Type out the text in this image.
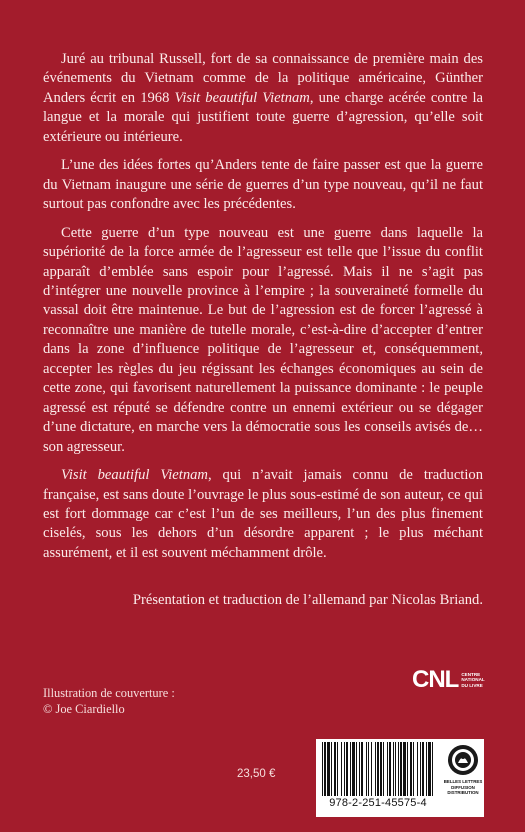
Juré au tribunal Russell, fort de sa connaissance de première main des événements du Vietnam comme de la politique américaine, Günther Anders écrit en 1968 Visit beautiful Vietnam, une charge acérée contre la langue et la morale qui justifient toute guerre d’agression, qu’elle soit extérieure ou intérieure.

L’une des idées fortes qu’Anders tente de faire passer est que la guerre du Vietnam inaugure une série de guerres d’un type nouveau, qu’il ne faut surtout pas confondre avec les précédentes.

Cette guerre d’un type nouveau est une guerre dans laquelle la supériorité de la force armée de l’agresseur est telle que l’issue du conflit apparaît d’emblée sans espoir pour l’agressé. Mais il ne s’agit pas d’intégrer une nouvelle province à l’empire ; la souveraineté formelle du vassal doit être maintenue. Le but de l’agression est de forcer l’agressé à reconnaître une manière de tutelle morale, c’est-à-dire d’accepter d’entrer dans la zone d’influence politique de l’agresseur et, conséquemment, accepter les règles du jeu régissant les échanges économiques au sein de cette zone, qui favorisent naturellement la puissance dominante : le peuple agressé est réputé se défendre contre un ennemi extérieur ou se dégager d’une dictature, en marche vers la démocratie sous les conseils avisés de… son agresseur.

Visit beautiful Vietnam, qui n’avait jamais connu de traduction française, est sans doute l’ouvrage le plus sous-estimé de son auteur, ce qui est fort dommage car c’est l’un de ses meilleurs, l’un des plus finement ciselés, sous les dehors d’un désordre apparent ; le plus méchant assurément, et il est souvent méchamment drôle.

Présentation et traduction de l’allemand par Nicolas Briand.
Illustration de couverture :
© Joe Ciardiello
23,50 €
CNL CENTRE
NATIONAL
DU LIVRE
978-2-251-45575-4
BELLES LETTRES
DIFFUSION
DISTRIBUTION
